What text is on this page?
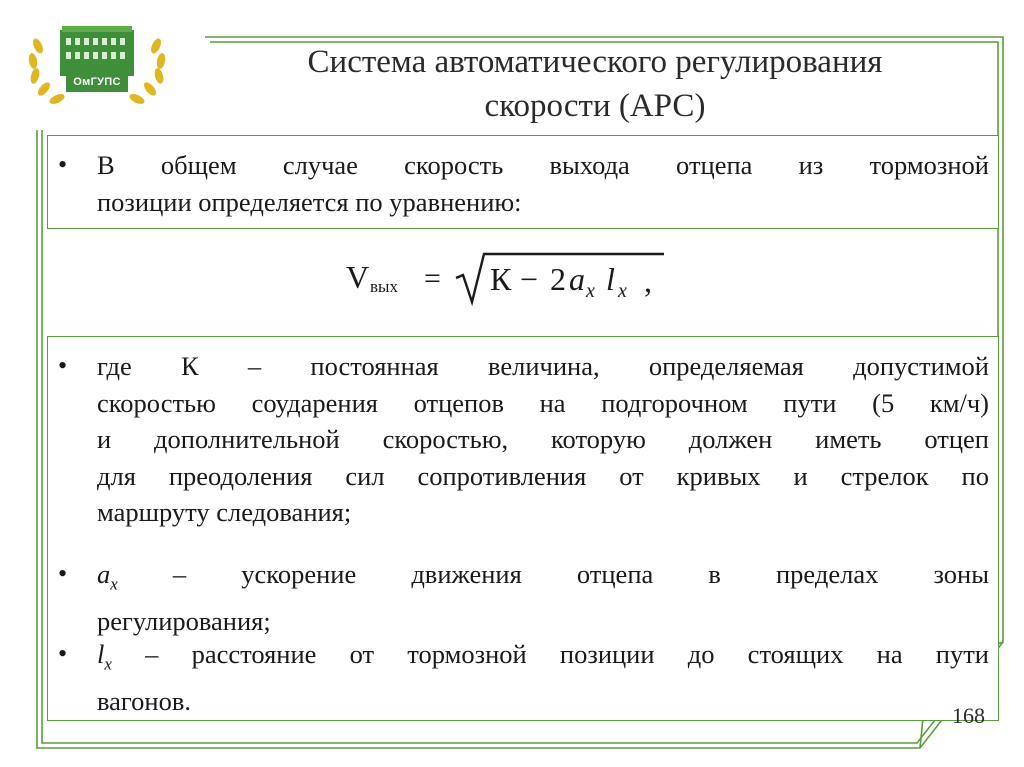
ОмГУПС
Система автоматического регулирования
скорости (АРС)
• В общем случае скорость выхода отцепа из тормозной
позиции определяется по уравнению:
V вых = К − 2 a x l x ,
• где К – постоянная величина, определяемая допустимой
скоростью соударения отцепов на подгорочном пути (5 км/ч)
и дополнительной скоростью, которую должен иметь отцеп
для преодоления сил сопротивления от кривых и стрелок по
маршруту следования;
• $a_x$ – ускорение движения отцепа в пределах зоны
регулирования;
• $l_x$ – расстояние от тормозной позиции до стоящих на пути
вагонов.	168
